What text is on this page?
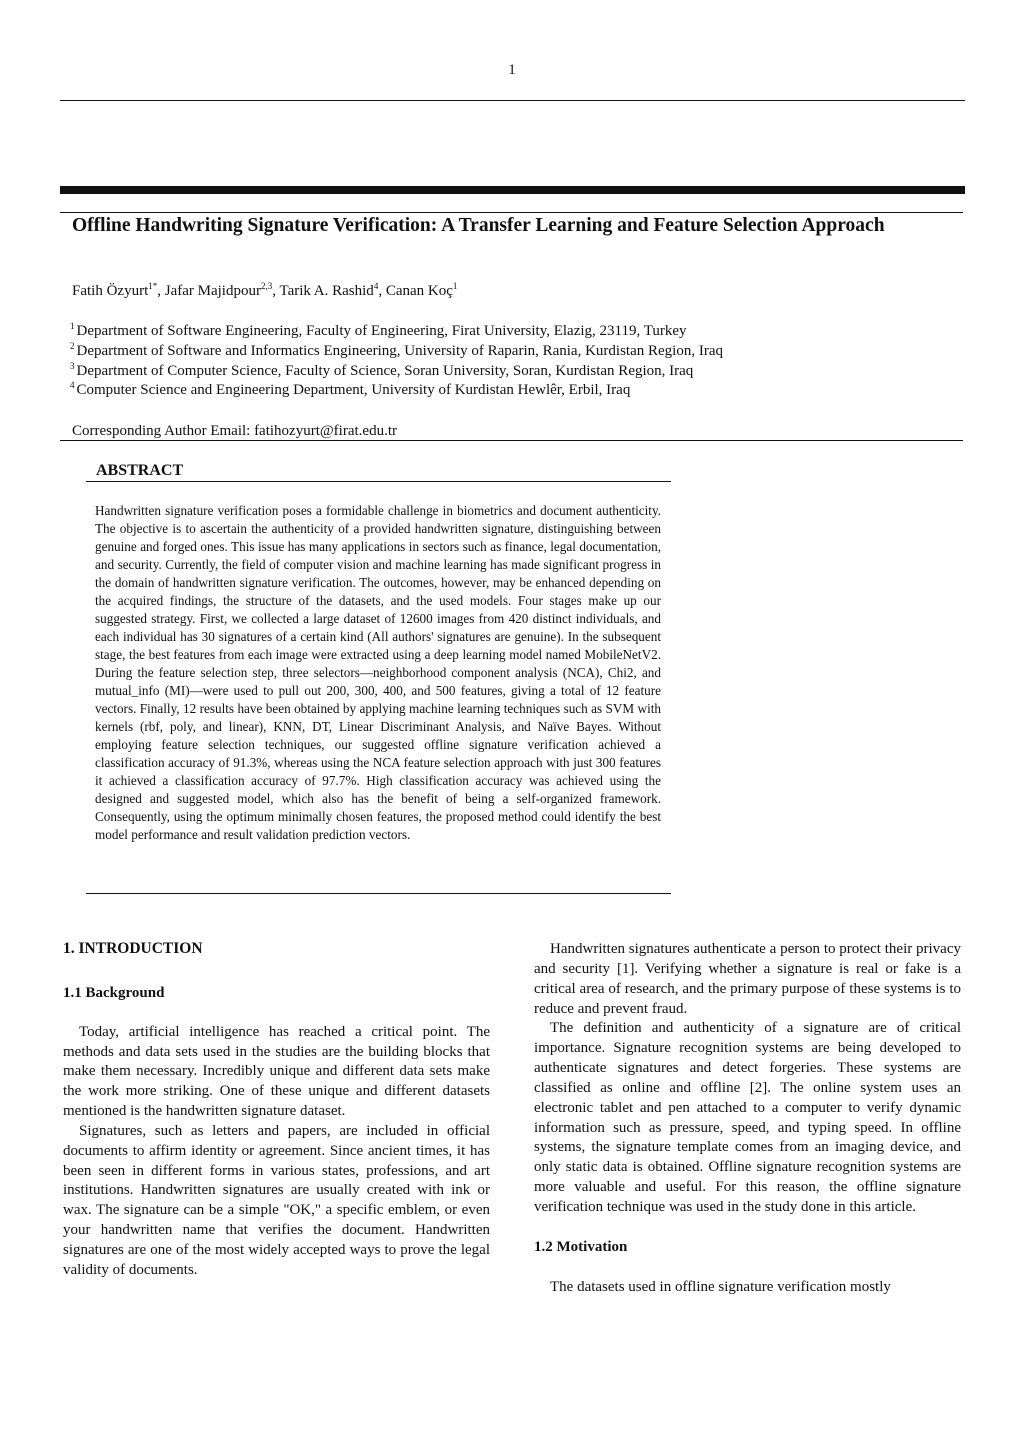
1
Offline Handwriting Signature Verification: A Transfer Learning and Feature Selection Approach
Fatih Özyurt$^{1*}$, Jafar Majidpour$^{2,3}$, Tarik A. Rashid$^4$, Canan Koç$^1$
$^1$ Department of Software Engineering, Faculty of Engineering, Firat University, Elazig, 23119, Turkey
$^2$ Department of Software and Informatics Engineering, University of Raparin, Rania, Kurdistan Region, Iraq
$^3$ Department of Computer Science, Faculty of Science, Soran University, Soran, Kurdistan Region, Iraq
$^4$ Computer Science and Engineering Department, University of Kurdistan Hewlêr, Erbil, Iraq
Corresponding Author Email: fatihozyurt@firat.edu.tr
ABSTRACT
Handwritten signature verification poses a formidable challenge in biometrics and document authenticity. The objective is to ascertain the authenticity of a provided handwritten signature, distinguishing between genuine and forged ones. This issue has many applications in sectors such as finance, legal documentation, and security. Currently, the field of computer vision and machine learning has made significant progress in the domain of handwritten signature verification. The outcomes, however, may be enhanced depending on the acquired findings, the structure of the datasets, and the used models. Four stages make up our suggested strategy. First, we collected a large dataset of 12600 images from 420 distinct individuals, and each individual has 30 signatures of a certain kind (All authors' signatures are genuine). In the subsequent stage, the best features from each image were extracted using a deep learning model named MobileNetV2. During the feature selection step, three selectors—neighborhood component analysis (NCA), Chi2, and mutual_info (MI)—were used to pull out 200, 300, 400, and 500 features, giving a total of 12 feature vectors. Finally, 12 results have been obtained by applying machine learning techniques such as SVM with kernels (rbf, poly, and linear), KNN, DT, Linear Discriminant Analysis, and Naïve Bayes. Without employing feature selection techniques, our suggested offline signature verification achieved a classification accuracy of 91.3%, whereas using the NCA feature selection approach with just 300 features it achieved a classification accuracy of 97.7%. High classification accuracy was achieved using the designed and suggested model, which also has the benefit of being a self-organized framework. Consequently, using the optimum minimally chosen features, the proposed method could identify the best model performance and result validation prediction vectors.
1. INTRODUCTION
1.1 Background

Today, artificial intelligence has reached a critical point. The methods and data sets used in the studies are the building blocks that make them necessary. Incredibly unique and different data sets make the work more striking. One of these unique and different datasets mentioned is the handwritten signature dataset.

Signatures, such as letters and papers, are included in official documents to affirm identity or agreement. Since ancient times, it has been seen in different forms in various states, professions, and art institutions. Handwritten signatures are usually created with ink or wax. The signature can be a simple "OK," a specific emblem, or even your handwritten name that verifies the document. Handwritten signatures are one of the most widely accepted ways to prove the legal validity of documents.

Handwritten signatures authenticate a person to protect their privacy and security [1]. Verifying whether a signature is real or fake is a critical area of research, and the primary purpose of these systems is to reduce and prevent fraud.

The definition and authenticity of a signature are of critical importance. Signature recognition systems are being developed to authenticate signatures and detect forgeries. These systems are classified as online and offline [2]. The online system uses an electronic tablet and pen attached to a computer to verify dynamic information such as pressure, speed, and typing speed. In offline systems, the signature template comes from an imaging device, and only static data is obtained. Offline signature recognition systems are more valuable and useful. For this reason, the offline signature verification technique was used in the study done in this article.

1.2 Motivation

The datasets used in offline signature verification mostly
